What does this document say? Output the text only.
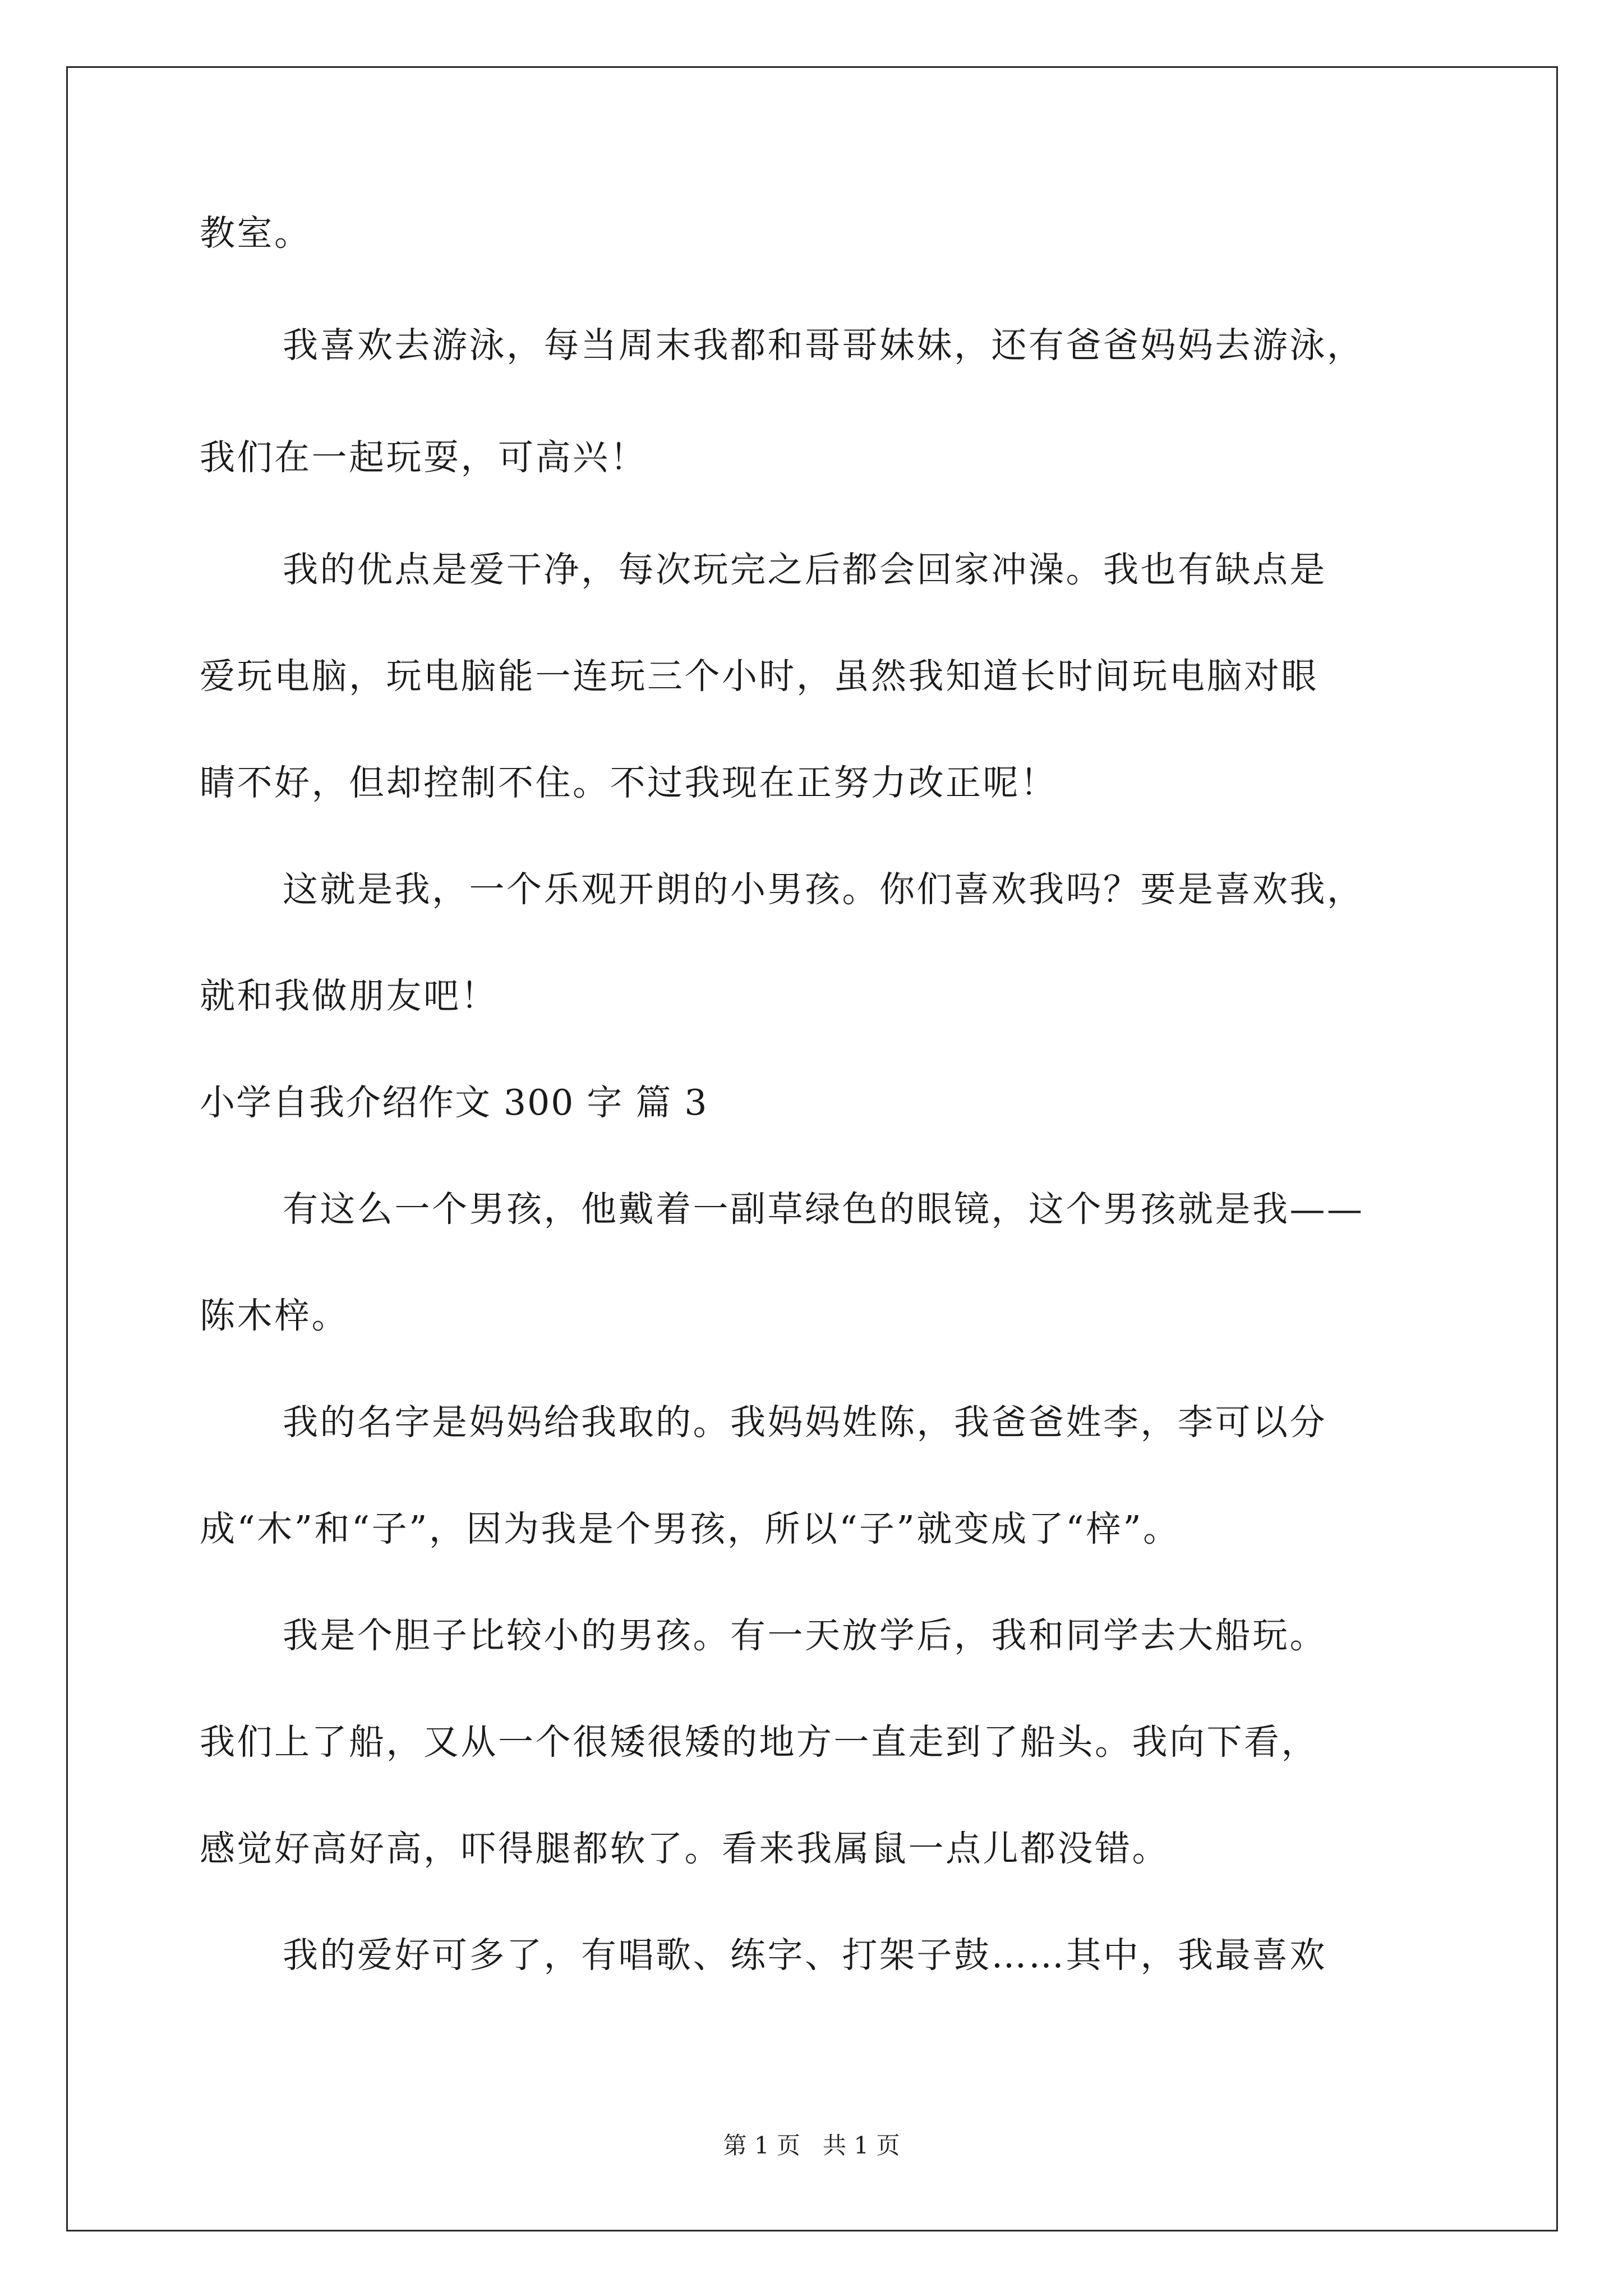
教室。

我喜欢去游泳，每当周末我都和哥哥妹妹，还有爸爸妈妈去游泳，

我们在一起玩耍，可高兴！

我的优点是爱干净，每次玩完之后都会回家冲澡。我也有缺点是

爱玩电脑，玩电脑能一连玩三个小时，虽然我知道长时间玩电脑对眼

睛不好，但却控制不住。不过我现在正努力改正呢！

这就是我，一个乐观开朗的小男孩。你们喜欢我吗？要是喜欢我，

就和我做朋友吧！

小学自我介绍作文 300 字 篇 3

有这么一个男孩，他戴着一副草绿色的眼镜，这个男孩就是我——

陈木梓。

我的名字是妈妈给我取的。我妈妈姓陈，我爸爸姓李，李可以分

成“木”和“子”，因为我是个男孩，所以“子”就变成了“梓”。

我是个胆子比较小的男孩。有一天放学后，我和同学去大船玩。

我们上了船，又从一个很矮很矮的地方一直走到了船头。我向下看，

感觉好高好高，吓得腿都软了。看来我属鼠一点儿都没错。

我的爱好可多了，有唱歌、练字、打架子鼓……其中，我最喜欢

第 1 页   共 1 页
